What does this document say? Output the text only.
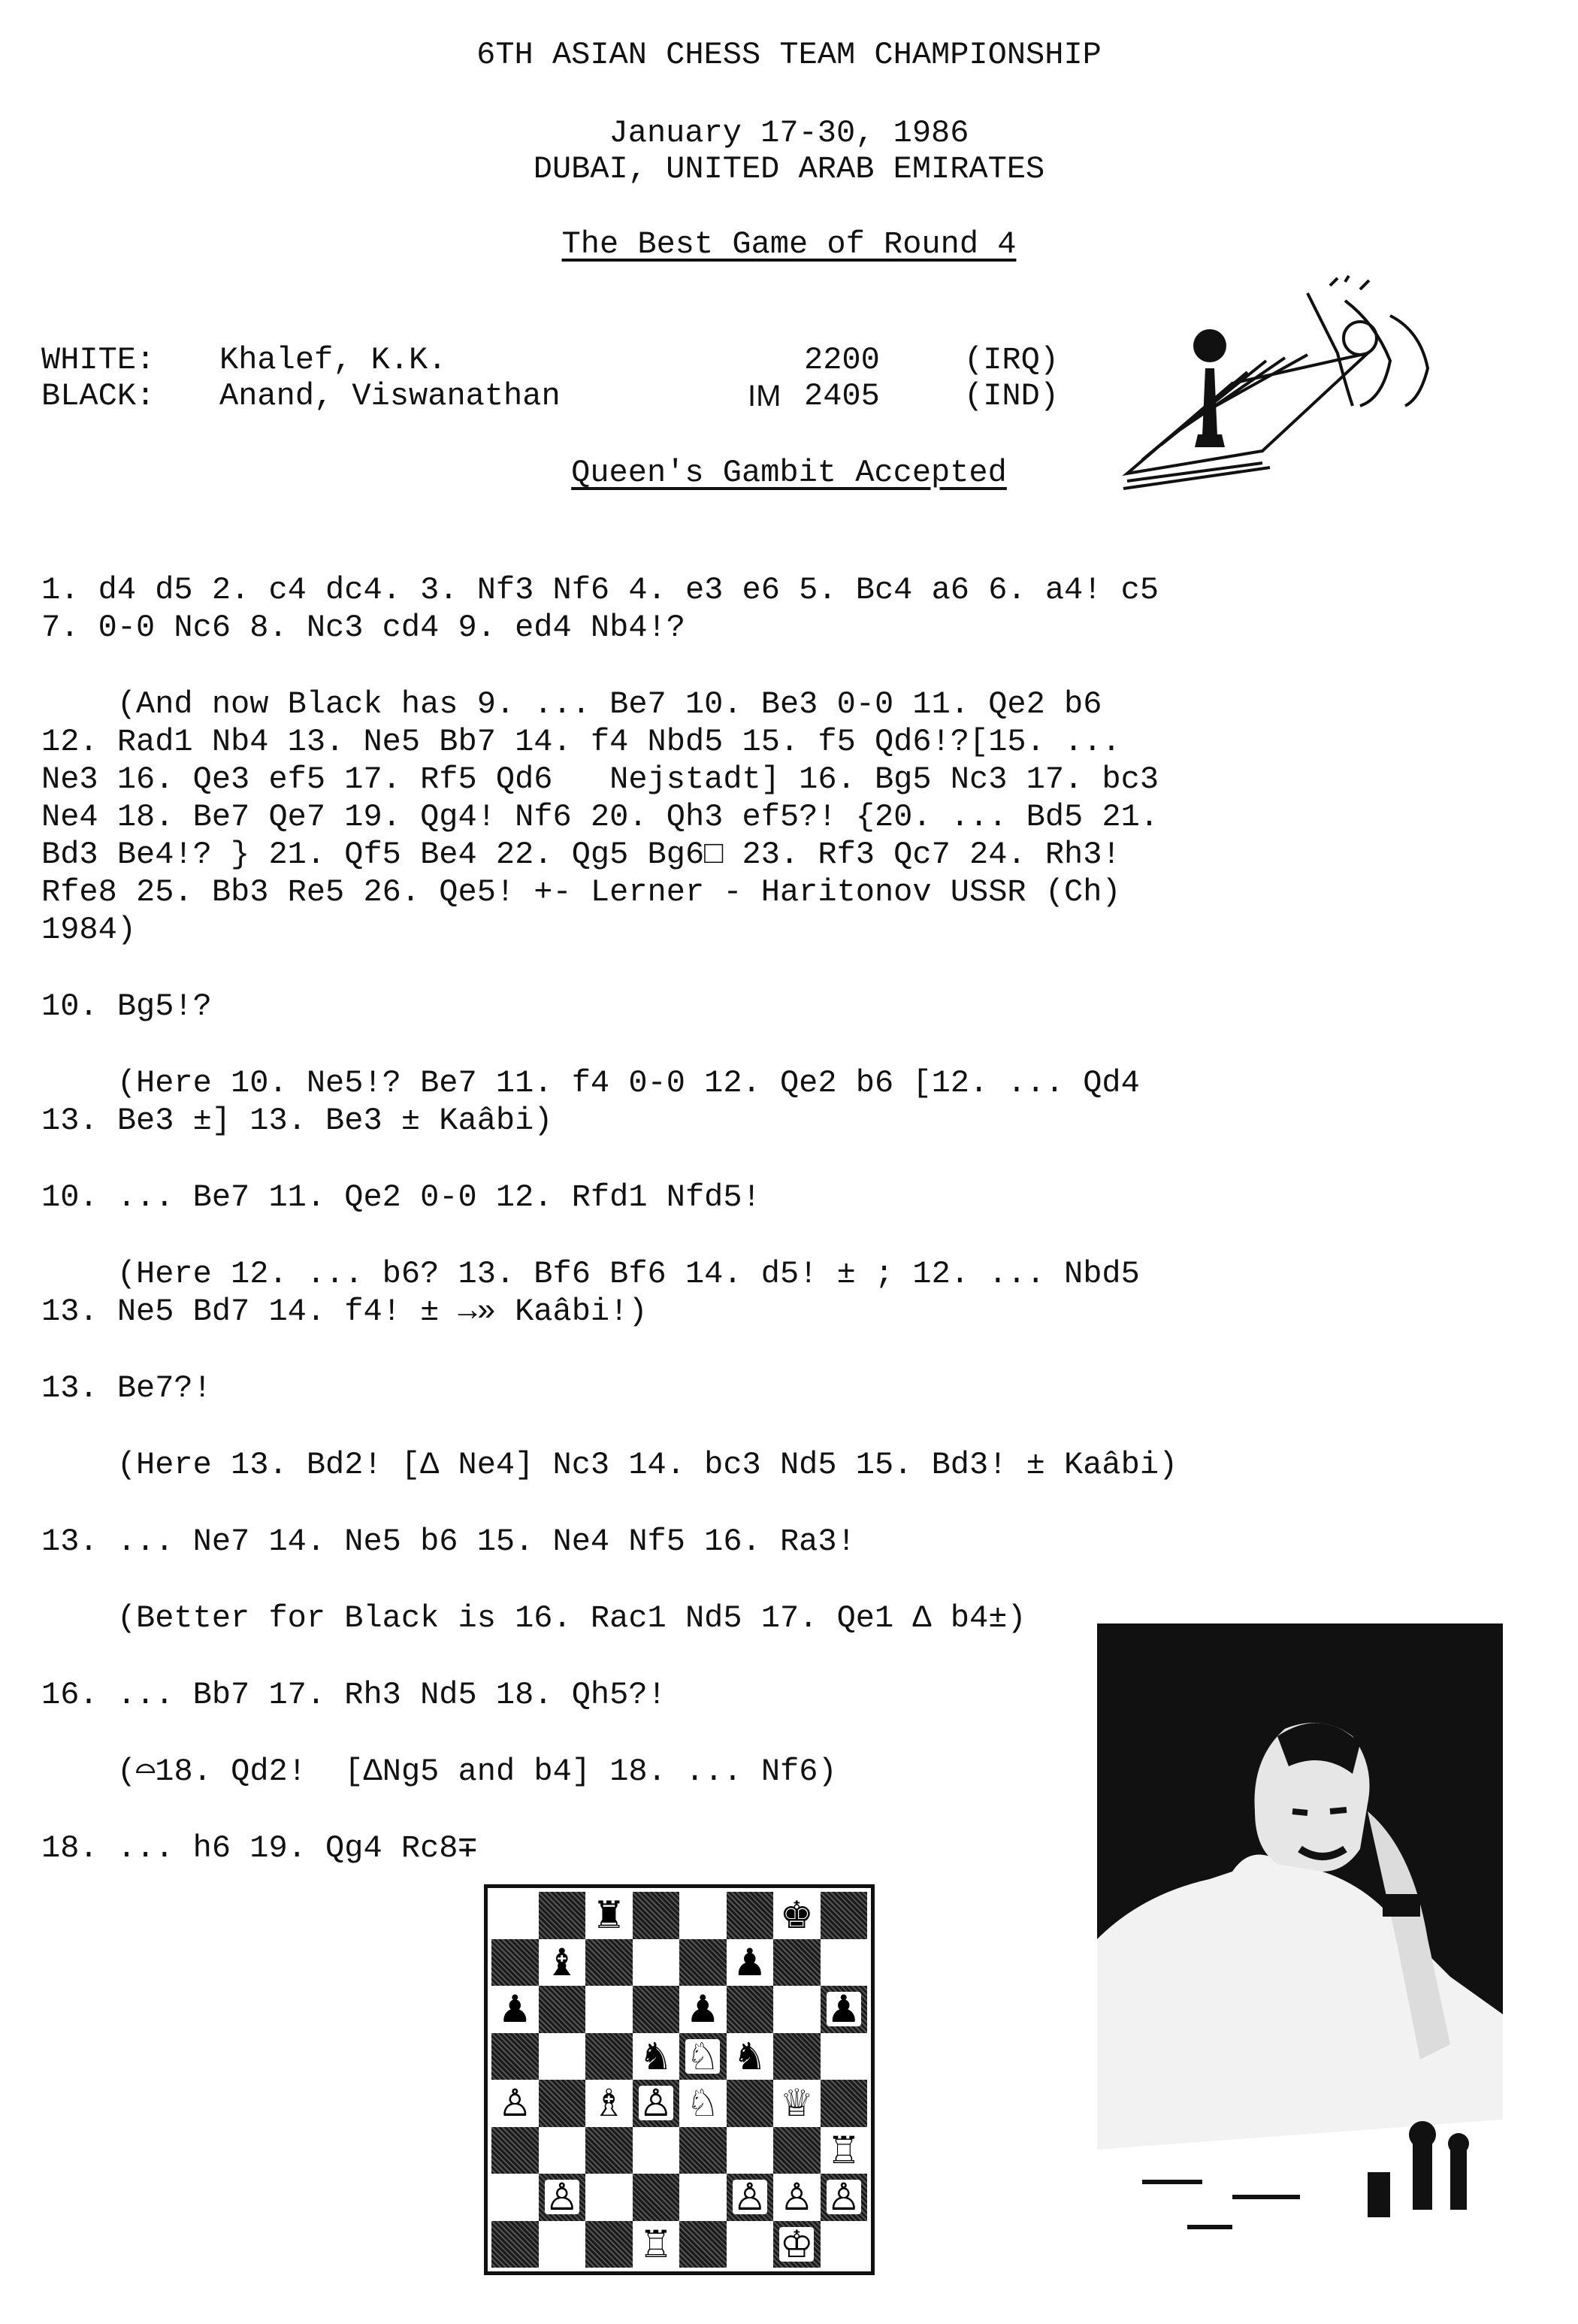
6TH ASIAN CHESS TEAM CHAMPIONSHIP

January 17-30, 1986

DUBAI, UNITED ARAB EMIRATES

The Best Game of Round 4

WHITE: Khalef, K.K.	2200	(IRQ)

BLACK: Anand, Viswanathan	IM 2405	(IND)

Queen's Gambit Accepted

1. d4 d5 2. c4 dc4. 3. Nf3 Nf6 4. e3 e6 5. Bc4 a6 6. a4! c5

7. 0-0 Nc6 8. Nc3 cd4 9. ed4 Nb4!?

(And now Black has 9. ... Be7 10. Be3 0-0 11. Qe2 b6

12. Rad1 Nb4 13. Ne5 Bb7 14. f4 Nbd5 15. f5 Qd6!?[15. ...

Ne3 16. Qe3 ef5 17. Rf5 Qd6   Nejstadt] 16. Bg5 Nc3 17. bc3

Ne4 18. Be7 Qe7 19. Qg4! Nf6 20. Qh3 ef5?! {20. ... Bd5 21.

Bd3 Be4!? } 21. Qf5 Be4 22. Qg5 Bg6□ 23. Rf3 Qc7 24. Rh3!

Rfe8 25. Bb3 Re5 26. Qe5! +- Lerner - Haritonov USSR (Ch)

1984)

10. Bg5!?

(Here 10. Ne5!? Be7 11. f4 0-0 12. Qe2 b6 [12. ... Qd4

13. Be3 ±] 13. Be3 ± Kaâbi)

10. ... Be7 11. Qe2 0-0 12. Rfd1 Nfd5!

(Here 12. ... b6? 13. Bf6 Bf6 14. d5! ± ; 12. ... Nbd5

13. Ne5 Bd7 14. f4! ± →» Kaâbi!)

13. Be7?!

(Here 13. Bd2! [Δ Ne4] Nc3 14. bc3 Nd5 15. Bd3! ± Kaâbi)

13. ... Ne7 14. Ne5 b6 15. Ne4 Nf5 16. Ra3!

(Better for Black is 16. Rac1 Nd5 17. Qe1 Δ b4±)

16. ... Bb7 17. Rh3 Nd5 18. Qh5?!

(⌓18. Qd2!  [ΔNg5 and b4] 18. ... Nf6)

18. ... h6 19. Qg4 Rc8∓

♜	♚
♝	♟
♟	♟	♟
♞ ♘ ♞
♙ ♗ ♙ ♘ ♕
♖
♙	♙ ♙ ♙
♖	♔
